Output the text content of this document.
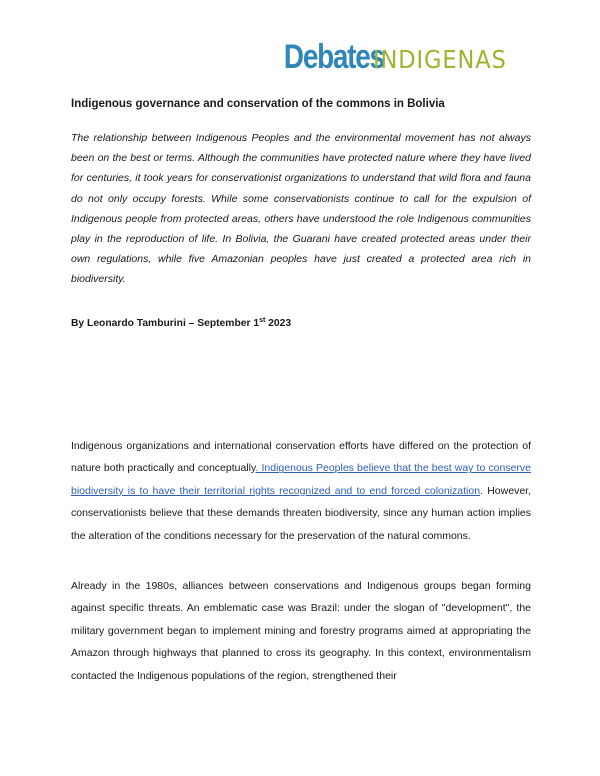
Debates
INDIGENAS

Indigenous governance and conservation of the commons in Bolivia

The relationship between Indigenous Peoples and the environmental movement has not always been on the best or terms. Although the communities have protected nature where they have lived for centuries, it took years for conservationist organizations to understand that wild flora and fauna do not only occupy forests. While some conservationists continue to call for the expulsion of Indigenous people from protected areas, others have understood the role Indigenous communities play in the reproduction of life. In Bolivia, the Guarani have created protected areas under their own regulations, while five Amazonian peoples have just created a protected area rich in biodiversity.

By Leonardo Tamburini – September 1st 2023

Indigenous organizations and international conservation efforts have differed on the protection of nature both practically and conceptually. Indigenous Peoples believe that the best way to conserve biodiversity is to have their territorial rights recognized and to end forced colonization. However, conservationists believe that these demands threaten biodiversity, since any human action implies the alteration of the conditions necessary for the preservation of the natural commons.

Already in the 1980s, alliances between conservations and Indigenous groups began forming against specific threats. An emblematic case was Brazil: under the slogan of "development", the military government began to implement mining and forestry programs aimed at appropriating the Amazon through highways that planned to cross its geography. In this context, environmentalism contacted the Indigenous populations of the region, strengthened their
